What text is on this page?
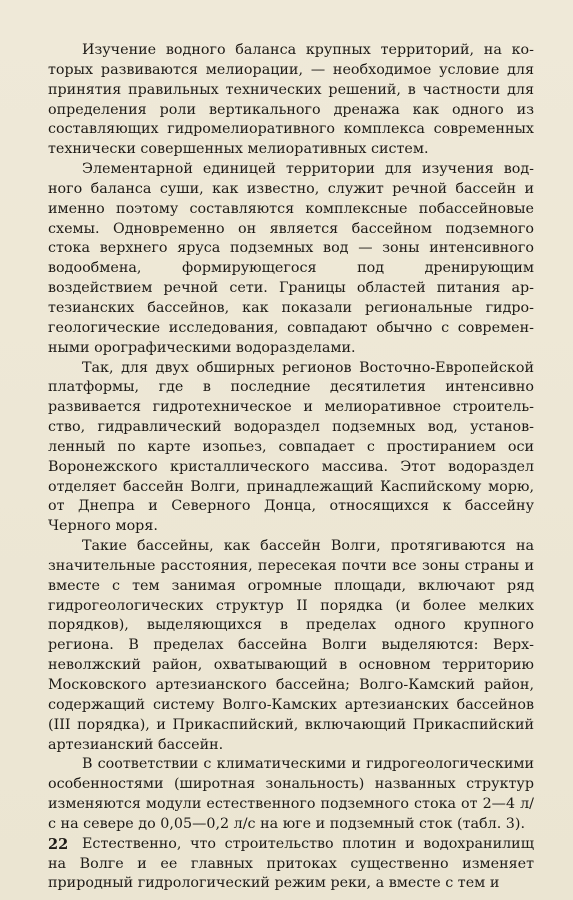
Изучение водного баланса крупных территорий, на которых развиваются мелиорации, — необходимое условие для принятия правильных технических решений, в частности для определения роли вертикального дренажа как одного из составляющих гидромелиоративного комплекса современных технически совершенных мелиоративных систем.

Элементарной единицей территории для изучения водного баланса суши, как известно, служит речной бассейн и именно поэтому составляются комплексные побассейновые схемы. Одновременно он является бассейном подземного стока верхнего яруса подземных вод — зоны интенсивного водообмена, формирующегося под дренирующим воздействием речной сети. Границы областей питания артезианских бассейнов, как показали региональные гидрогеологические исследования, совпадают обычно с современными орографическими водоразделами.

Так, для двух обширных регионов Восточно-Европейской платформы, где в последние десятилетия интенсивно развивается гидротехническое и мелиоративное строительство, гидравлический водораздел подземных вод, установленный по карте изопьез, совпадает с простиранием оси Воронежского кристаллического массива. Этот водораздел отделяет бассейн Волги, принадлежащий Каспийскому морю, от Днепра и Северного Донца, относящихся к бассейну Черного моря.

Такие бассейны, как бассейн Волги, протягиваются на значительные расстояния, пересекая почти все зоны страны и вместе с тем занимая огромные площади, включают ряд гидрогеологических структур II порядка (и более мелких порядков), выделяющихся в пределах одного крупного региона. В пределах бассейна Волги выделяются: Верхневолжский район, охватывающий в основном территорию Московского артезианского бассейна; Волго-Камский район, содержащий систему Волго-Камских артезианских бассейнов (III порядка), и Прикаспийский, включающий Прикаспийский артезианский бассейн.

В соответствии с климатическими и гидрогеологическими особенностями (широтная зональность) названных структур изменяются модули естественного подземного стока от 2—4 л/с на севере до 0,05—0,2 л/с на юге и подземный сток (табл. 3).

Естественно, что строительство плотин и водохранилищ на Волге и ее главных притоках существенно изменяет природный гидрологический режим реки, а вместе с тем и

22
